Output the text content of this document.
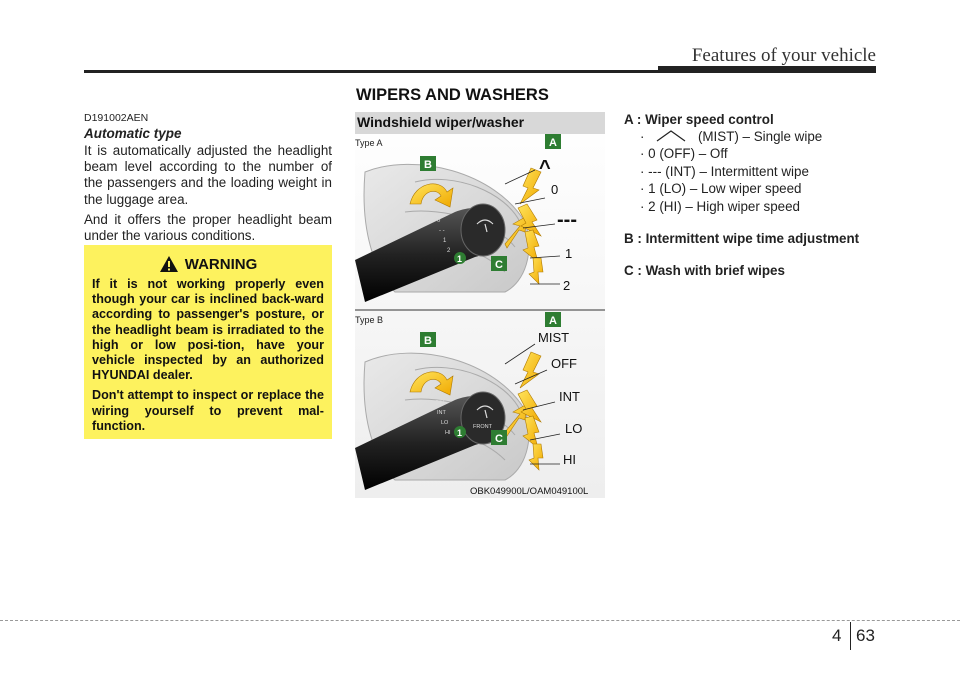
Features of your vehicle
WIPERS AND WASHERS
D191002AEN
Automatic type

It is automatically adjusted the headlight beam level according to the number of the passengers and the loading weight in the luggage area.

And it offers the proper headlight beam under the various conditions.

WARNING

If it is not working properly even though your car is inclined back-ward according to passenger's posture, or the headlight beam is irradiated to the high or low posi-tion, have your vehicle inspected by an authorized HYUNDAI dealer.

Don't attempt to inspect or replace the wiring yourself to prevent mal-function.

Type A
^
0
- -
1
2
^
0
---
1
2
A
B
C
1
Type B
MIST
OFF
INT
LO
HI
FRONT
MIST
OFF
INT
LO
HI
A
B
C
1
Windshield wiper/washer
OBK049900L/OAM049100L
A : Wiper speed control
·	(MIST) – Single wipe
· 0 (OFF) – Off
· --- (INT) – Intermittent wipe
· 1 (LO) – Low wiper speed
· 2 (HI) – High wiper speed
B : Intermittent wipe time adjustment
C : Wash with brief wipes
4 63
